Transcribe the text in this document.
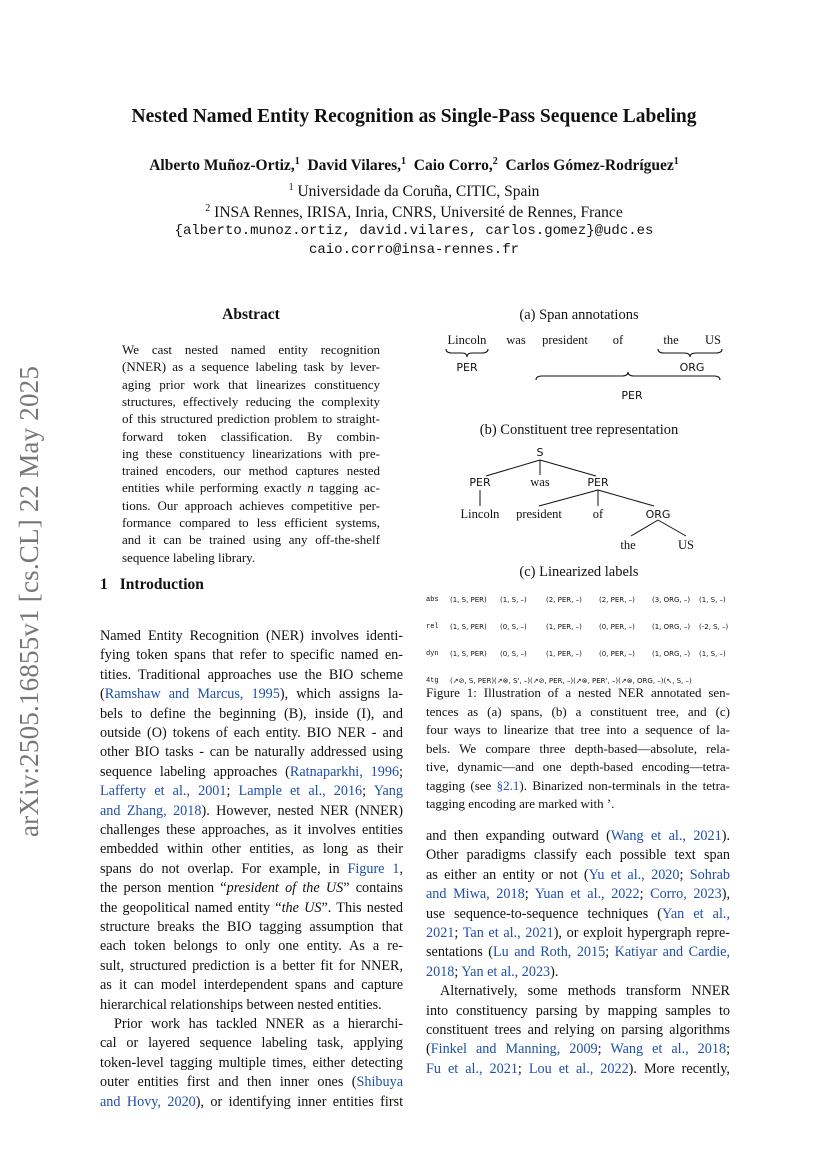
arXiv:2505.16855v1 [cs.CL] 22 May 2025
Nested Named Entity Recognition as Single-Pass Sequence Labeling
Alberto Muñoz-Ortiz,$^1$ David Vilares,$^1$ Caio Corro,$^2$ Carlos Gómez-Rodríguez$^1$
$^1$ Universidade da Coruña, CITIC, Spain
$^2$ INSA Rennes, IRISA, Inria, CNRS, Université de Rennes, France
{alberto.munoz.ortiz, david.vilares, carlos.gomez}@udc.es
caio.corro@insa-rennes.fr
Abstract
We cast nested named entity recognition
(NNER) as a sequence labeling task by lever-
aging prior work that linearizes constituency
structures, effectively reducing the complexity
of this structured prediction problem to straight-
forward token classification. By combin-
ing these constituency linearizations with pre-
trained encoders, our method captures nested
entities while performing exactly n tagging ac-
tions. Our approach achieves competitive per-
formance compared to less efficient systems,
and it can be trained using any off-the-shelf
sequence labeling library.
1 Introduction
Named Entity Recognition (NER) involves identi-
fying token spans that refer to specific named en-
tities. Traditional approaches use the BIO scheme
(Ramshaw and Marcus, 1995), which assigns la-
bels to define the beginning (B), inside (I), and
outside (O) tokens of each entity. BIO NER - and
other BIO tasks - can be naturally addressed using
sequence labeling approaches (Ratnaparkhi, 1996;
Lafferty et al., 2001; Lample et al., 2016; Yang
and Zhang, 2018). However, nested NER (NNER)
challenges these approaches, as it involves entities
embedded within other entities, as long as their
spans do not overlap. For example, in Figure 1,
the person mention “president of the US” contains
the geopolitical named entity “the US”. This nested
structure breaks the BIO tagging assumption that
each token belongs to only one entity. As a re-
sult, structured prediction is a better fit for NNER,
as it can model interdependent spans and capture
hierarchical relationships between nested entities.
Prior work has tackled NNER as a hierarchi-
cal or layered sequence labeling task, applying
token-level tagging multiple times, either detecting
outer entities first and then inner ones (Shibuya
and Hovy, 2020), or identifying inner entities first
and then expanding outward (Wang et al., 2021).
Other paradigms classify each possible text span
as either an entity or not (Yu et al., 2020; Sohrab
and Miwa, 2018; Yuan et al., 2022; Corro, 2023),
use sequence-to-sequence techniques (Yan et al.,
2021; Tan et al., 2021), or exploit hypergraph repre-
sentations (Lu and Roth, 2015; Katiyar and Cardie,
2018; Yan et al., 2023).
Alternatively, some methods transform NNER
into constituency parsing by mapping samples to
constituent trees and relying on parsing algorithms
(Finkel and Manning, 2009; Wang et al., 2018;
Fu et al., 2021; Lou et al., 2022). More recently,
(a) Span annotations
Lincoln was president of	the US
PER	ORG
PER
(b) Constituent tree representation
S
PER	PER
ORG
was
Lincoln president of
the	US
(c) Linearized labels
abs	(1, S, PER)	(1, S, –)	(2, PER, –)	(2, PER, –)	(3, ORG, –)	(1, S, –)
rel	(1, S, PER)	(0, S, –)	(1, PER, –)	(0, PER, –)	(1, ORG, –)	(-2, S, –)
dyn	(1, S, PER)	(0, S, –)	(1, PER, –)	(0, PER, –)	(1, ORG, –)	(1, S, –)
4tg	(↗⊘, S, PER)(↗⊗, S', –)(↗⊘, PER, –)(↗⊗, PER', –)(↗⊗, ORG, –)(↖, S, –)					
Figure 1: Illustration of a nested NER annotated sen-
tences as (a) spans, (b) a constituent tree, and (c)
four ways to linearize that tree into a sequence of la-
bels. We compare three depth-based—absolute, rela-
tive, dynamic—and one depth-based encoding—tetra-
tagging (see §2.1). Binarized non-terminals in the tetra-
tagging encoding are marked with ’.
